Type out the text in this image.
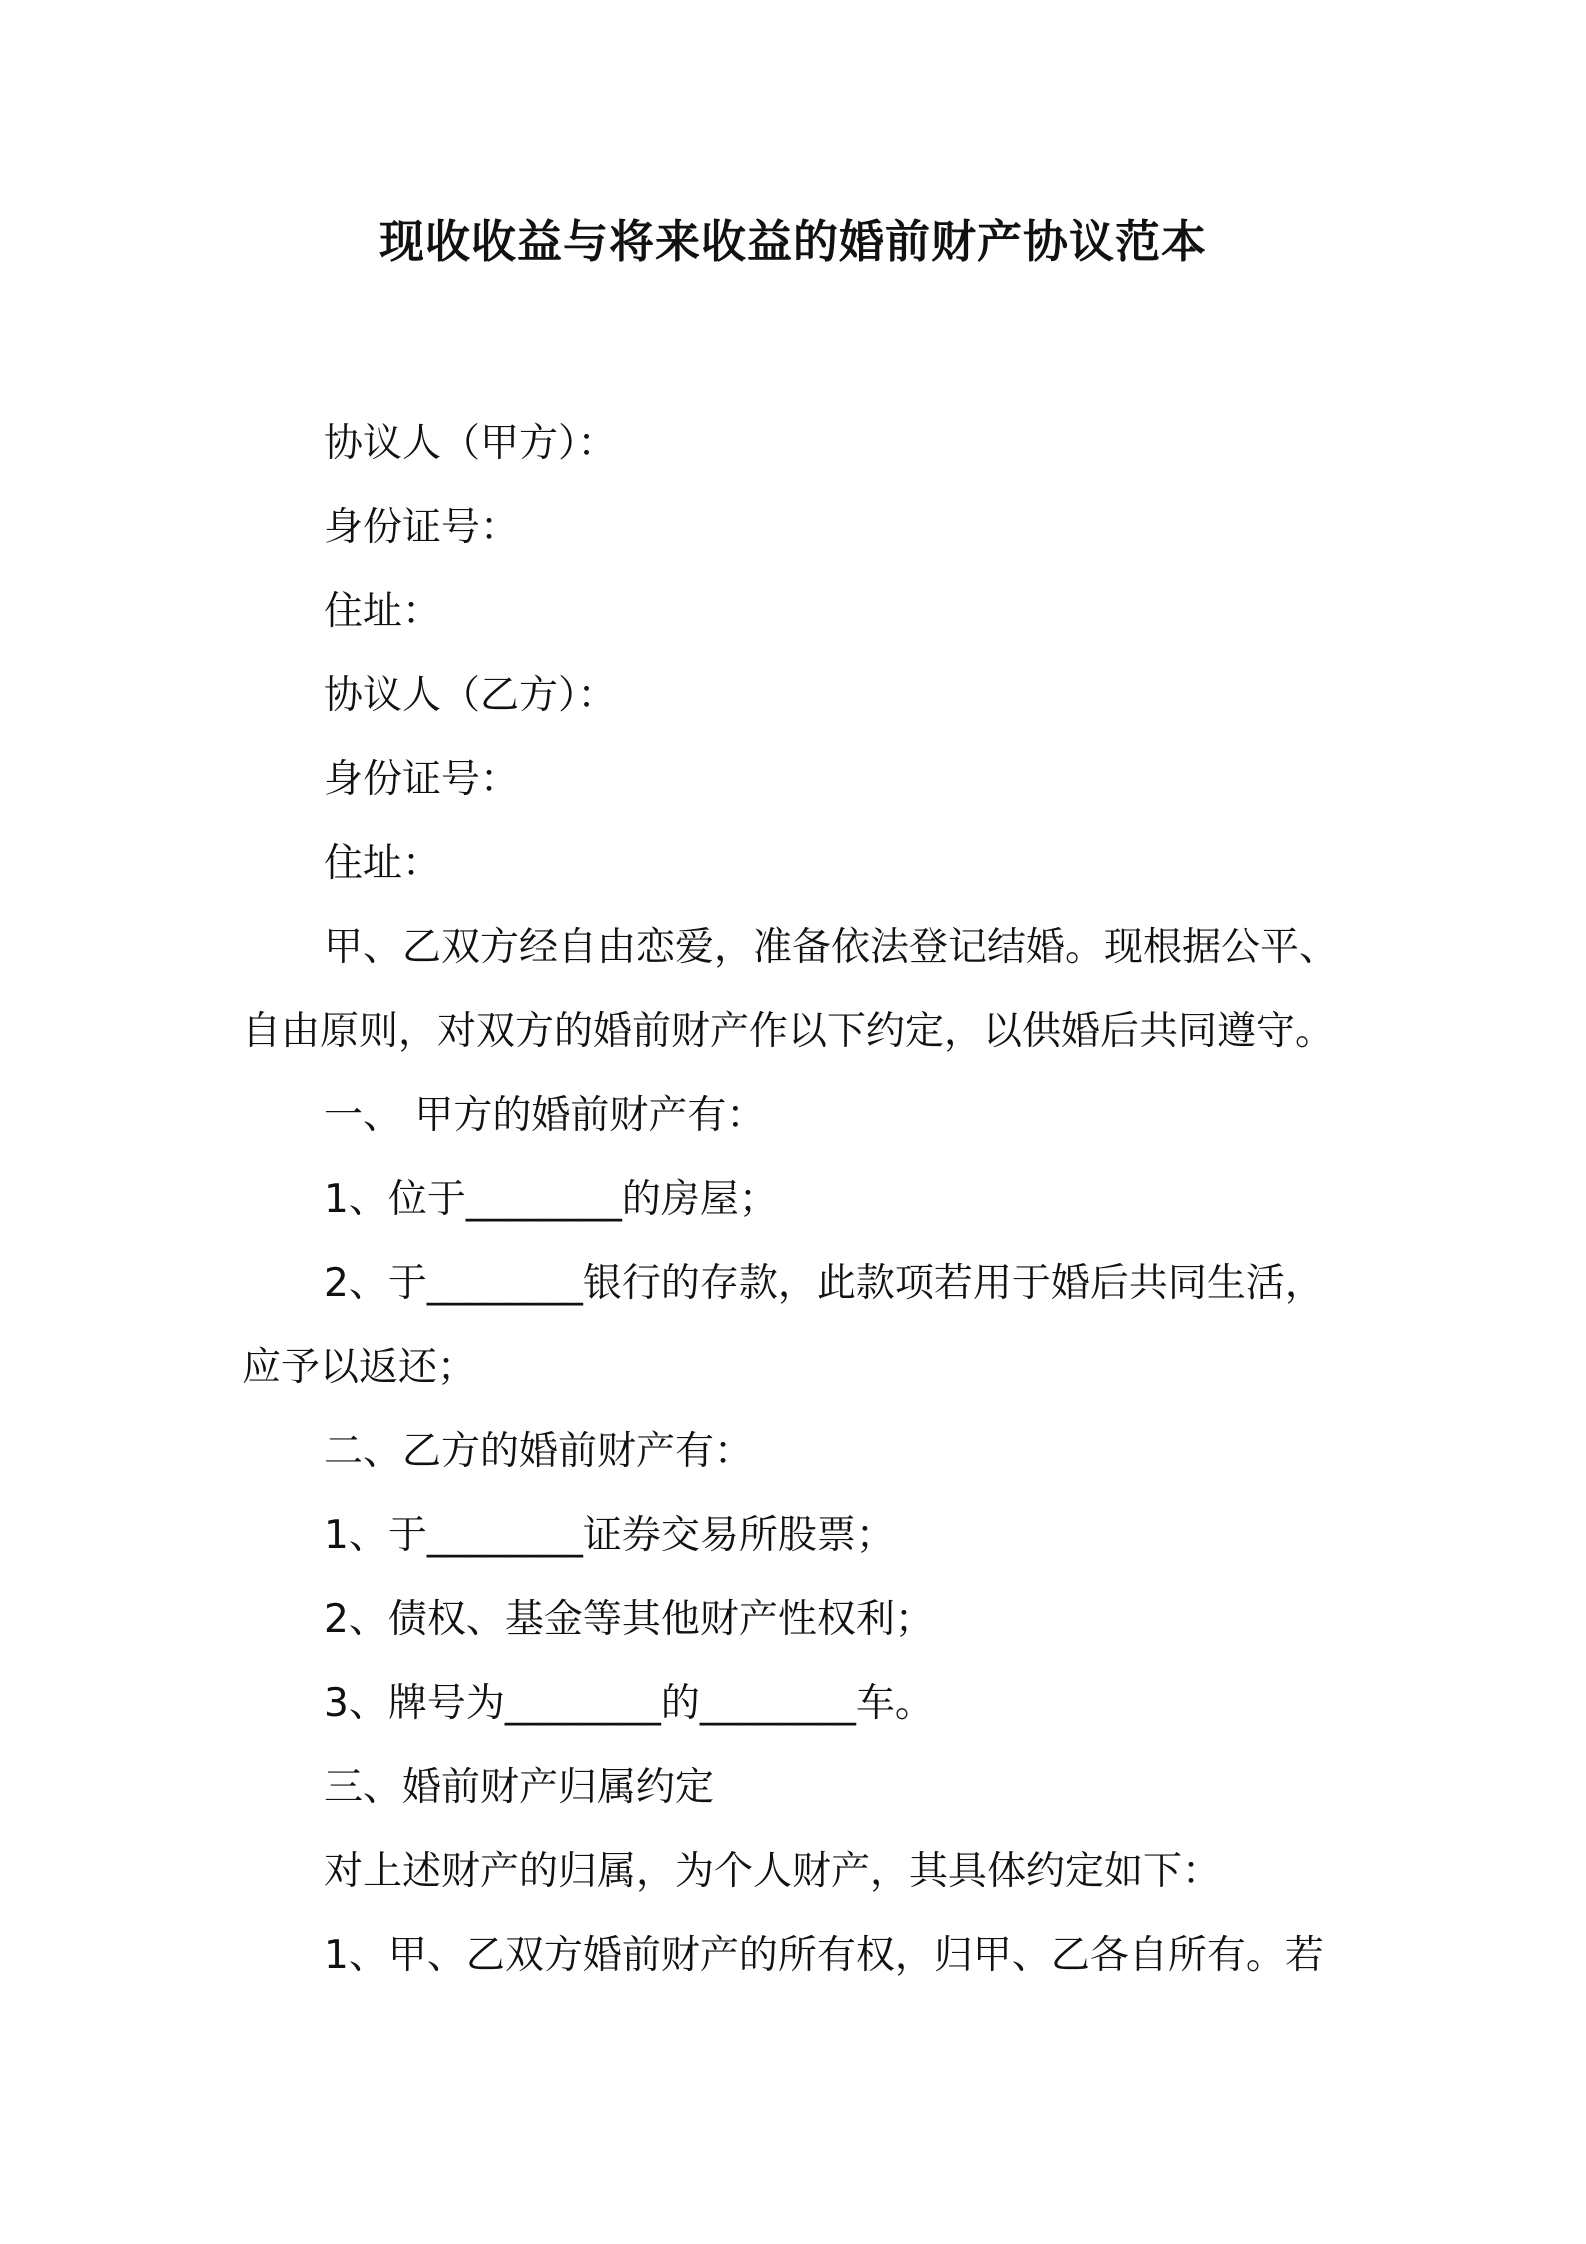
现收收益与将来收益的婚前财产协议范本

协议人（甲方）：

身份证号：

住址：

协议人（乙方）：

身份证号：

住址：

甲、乙双方经自由恋爱，准备依法登记结婚。现根据公平、

自由原则，对双方的婚前财产作以下约定，以供婚后共同遵守。

一、 甲方的婚前财产有：

1、位于________的房屋；

2、于________银行的存款，此款项若用于婚后共同生活，

应予以返还；

二、乙方的婚前财产有：

1、于________证券交易所股票；

2、债权、基金等其他财产性权利；

3、牌号为________的________车。

三、婚前财产归属约定

对上述财产的归属，为个人财产，其具体约定如下：

1、甲、乙双方婚前财产的所有权，归甲、乙各自所有。若
